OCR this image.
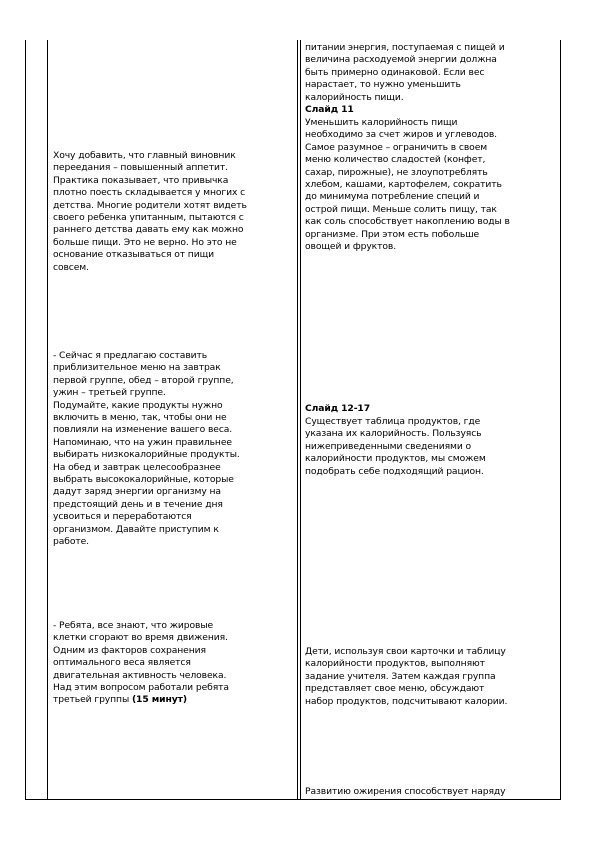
Хочу добавить, что главный виновник
переедания – повышенный аппетит.
Практика показывает, что привычка
плотно поесть складывается у многих с
детства. Многие родители хотят видеть
своего ребенка упитанным, пытаются с
раннего детства давать ему как можно
больше пищи. Это не верно. Но это не
основание отказываться от пищи
совсем.
- Сейчас я предлагаю составить
приблизительное меню на завтрак
первой группе, обед – второй группе,
ужин – третьей группе.
Подумайте, какие продукты нужно
включить в меню, так, чтобы они не
повлияли на изменение вашего веса.
Напоминаю, что на ужин правильнее
выбирать низкокалорийные продукты.
На обед и завтрак целесообразнее
выбрать высококалорийные, которые
дадут заряд энергии организму на
предстоящий день и в течение дня
усвоиться и переработаются
организмом. Давайте приступим к
работе.
- Ребята, все знают, что жировые
клетки сгорают во время движения.
Одним из факторов сохранения
оптимального веса является
двигательная активность человека.
Над этим вопросом работали ребята
третьей группы (15 минут)
питании энергия, поступаемая с пищей и
величина расходуемой энергии должна
быть примерно одинаковой. Если вес
нарастает, то нужно уменьшить
калорийность пищи.
Слайд 11
Уменьшить калорийность пищи
необходимо за счет жиров и углеводов.
Самое разумное – ограничить в своем
меню количество сладостей (конфет,
сахар, пирожные), не злоупотреблять
хлебом, кашами, картофелем, сократить
до минимума потребление специй и
острой пищи. Меньше солить пищу, так
как соль способствует накоплению воды в
организме. При этом есть побольше
овощей и фруктов.
Слайд 12-17
Существует таблица продуктов, где
указана их калорийность. Пользуясь
нижеприведенными сведениями о
калорийности продуктов, мы сможем
подобрать себе подходящий рацион.
Дети, используя свои карточки и таблицу
калорийности продуктов, выполняют
задание учителя. Затем каждая группа
представляет свое меню, обсуждают
набор продуктов, подсчитывают калории.
Развитию ожирения способствует наряду
